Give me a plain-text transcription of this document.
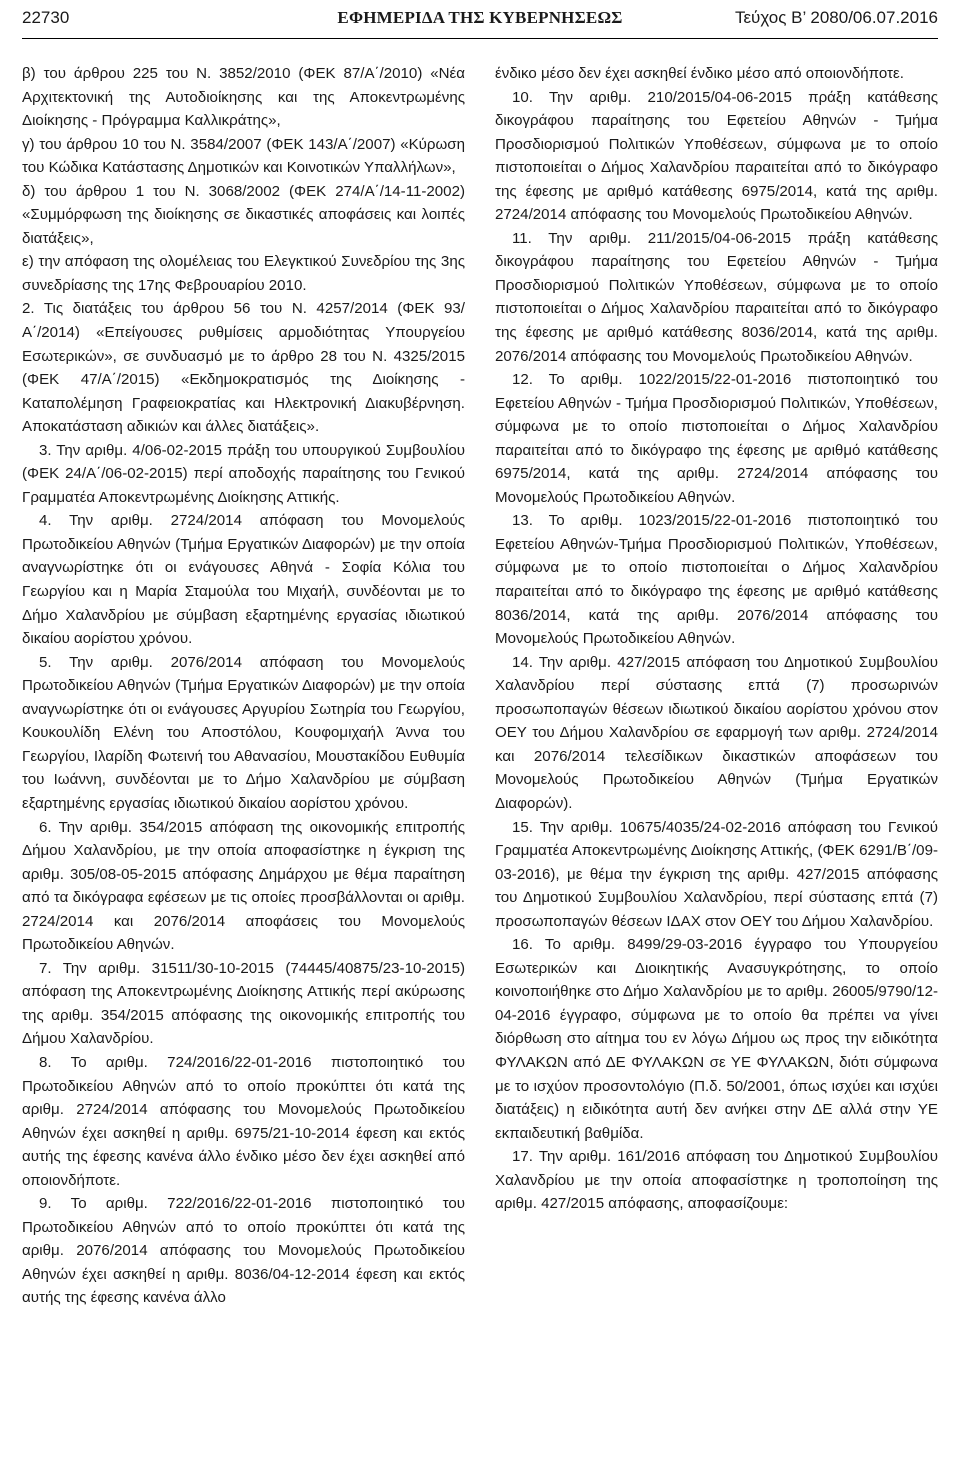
22730	ΕΦΗΜΕΡΙΔΑ ΤΗΣ ΚΥΒΕΡΝΗΣΕΩΣ	Τεύχος Β’ 2080/06.07.2016

β) του άρθρου 225 του Ν. 3852/2010 (ΦΕΚ 87/Α΄/2010) «Νέα Αρχιτεκτονική της Αυτοδιοίκησης και της Αποκεντρωμένης Διοίκησης - Πρόγραμμα Καλλικράτης»,

γ) του άρθρου 10 του Ν. 3584/2007 (ΦΕΚ 143/Α΄/2007) «Κύρωση του Κώδικα Κατάστασης Δημοτικών και Κοινοτικών Υπαλλήλων»,

δ) του άρθρου 1 του Ν. 3068/2002 (ΦΕΚ 274/Α΄/14-11-2002) «Συμμόρφωση της διοίκησης σε δικαστικές αποφάσεις και λοιπές διατάξεις»,

ε) την απόφαση της ολομέλειας του Ελεγκτικού Συνεδρίου της 3ης συνεδρίασης της 17ης Φεβρουαρίου 2010.

2. Τις διατάξεις του άρθρου 56 του Ν. 4257/2014 (ΦΕΚ 93/Α΄/2014) «Επείγουσες ρυθμίσεις αρμοδιότητας Υπουργείου Εσωτερικών», σε συνδυασμό με το άρθρο 28 του Ν. 4325/2015 (ΦΕΚ 47/Α΄/2015) «Εκδημοκρατισμός της Διοίκησης - Καταπολέμηση Γραφειοκρατίας και Ηλεκτρονική Διακυβέρνηση. Αποκατάσταση αδικιών και άλλες διατάξεις».

3. Την αριθμ. 4/06-02-2015 πράξη του υπουργικού Συμβουλίου (ΦΕΚ 24/Α΄/06-02-2015) περί αποδοχής παραίτησης του Γενικού Γραμματέα Αποκεντρωμένης Διοίκησης Αττικής.

4. Την αριθμ. 2724/2014 απόφαση του Μονομελούς Πρωτοδικείου Αθηνών (Τμήμα Εργατικών Διαφορών) με την οποία αναγνωρίστηκε ότι οι ενάγουσες Αθηνά - Σοφία Κόλια του Γεωργίου και η Μαρία Σταμούλα του Μιχαήλ, συνδέονται με το Δήμο Χαλανδρίου με σύμβαση εξαρτημένης εργασίας ιδιωτικού δικαίου αορίστου χρόνου.

5. Την αριθμ. 2076/2014 απόφαση του Μονομελούς Πρωτοδικείου Αθηνών (Τμήμα Εργατικών Διαφορών) με την οποία αναγνωρίστηκε ότι οι ενάγουσες Αργυρίου Σωτηρία του Γεωργίου, Κουκουλίδη Ελένη του Αποστόλου, Κουφομιχαήλ Άννα του Γεωργίου, Ιλαρίδη Φωτεινή του Αθανασίου, Μουστακίδου Ευθυμία του Ιωάννη, συνδέονται με το Δήμο Χαλανδρίου με σύμβαση εξαρτημένης εργασίας ιδιωτικού δικαίου αορίστου χρόνου.

6. Την αριθμ. 354/2015 απόφαση της οικονομικής επιτροπής Δήμου Χαλανδρίου, με την οποία αποφασίστηκε η έγκριση της αριθμ. 305/08-05-2015 απόφασης Δημάρχου με θέμα παραίτηση από τα δικόγραφα εφέσεων με τις οποίες προσβάλλονται οι αριθμ. 2724/2014 και 2076/2014 αποφάσεις του Μονομελούς Πρωτοδικείου Αθηνών.

7. Την αριθμ. 31511/30-10-2015 (74445/40875/23-10-2015) απόφαση της Αποκεντρωμένης Διοίκησης Αττικής περί ακύρωσης της αριθμ. 354/2015 απόφασης της οικονομικής επιτροπής του Δήμου Χαλανδρίου.

8. Το αριθμ. 724/2016/22-01-2016 πιστοποιητικό του Πρωτοδικείου Αθηνών από το οποίο προκύπτει ότι κατά της αριθμ. 2724/2014 απόφασης του Μονομελούς Πρωτοδικείου Αθηνών έχει ασκηθεί η αριθμ. 6975/21-10-2014 έφεση και εκτός αυτής της έφεσης κανένα άλλο ένδικο μέσο δεν έχει ασκηθεί από οποιονδήποτε.

9. Το αριθμ. 722/2016/22-01-2016 πιστοποιητικό του Πρωτοδικείου Αθηνών από το οποίο προκύπτει ότι κατά της αριθμ. 2076/2014 απόφασης του Μονομελούς Πρωτοδικείου Αθηνών έχει ασκηθεί η αριθμ. 8036/04-12-2014 έφεση και εκτός αυτής της έφεσης κανένα άλλο

ένδικο μέσο δεν έχει ασκηθεί ένδικο μέσο από οποιονδήποτε.

10. Την αριθμ. 210/2015/04-06-2015 πράξη κατάθεσης δικογράφου παραίτησης του Εφετείου Αθηνών - Τμήμα Προσδιορισμού Πολιτικών Υποθέσεων, σύμφωνα με το οποίο πιστοποιείται ο Δήμος Χαλανδρίου παραιτείται από το δικόγραφο της έφεσης με αριθμό κατάθεσης 6975/2014, κατά της αριθμ. 2724/2014 απόφασης του Μονομελούς Πρωτοδικείου Αθηνών.

11. Την αριθμ. 211/2015/04-06-2015 πράξη κατάθεσης δικογράφου παραίτησης του Εφετείου Αθηνών - Τμήμα Προσδιορισμού Πολιτικών Υποθέσεων, σύμφωνα με το οποίο πιστοποιείται ο Δήμος Χαλανδρίου παραιτείται από το δικόγραφο της έφεσης με αριθμό κατάθεσης 8036/2014, κατά της αριθμ. 2076/2014 απόφασης του Μονομελούς Πρωτοδικείου Αθηνών.

12. Το αριθμ. 1022/2015/22-01-2016 πιστοποιητικό του Εφετείου Αθηνών - Τμήμα Προσδιορισμού Πολιτικών, Υποθέσεων, σύμφωνα με το οποίο πιστοποιείται ο Δήμος Χαλανδρίου παραιτείται από το δικόγραφο της έφεσης με αριθμό κατάθεσης 6975/2014, κατά της αριθμ. 2724/2014 απόφασης του Μονομελούς Πρωτοδικείου Αθηνών.

13. Το αριθμ. 1023/2015/22-01-2016 πιστοποιητικό του Εφετείου Αθηνών-Τμήμα Προσδιορισμού Πολιτικών, Υποθέσεων, σύμφωνα με το οποίο πιστοποιείται ο Δήμος Χαλανδρίου παραιτείται από το δικόγραφο της έφεσης με αριθμό κατάθεσης 8036/2014, κατά της αριθμ. 2076/2014 απόφασης του Μονομελούς Πρωτοδικείου Αθηνών.

14. Την αριθμ. 427/2015 απόφαση του Δημοτικού Συμβουλίου Χαλανδρίου περί σύστασης επτά (7) προσωρινών προσωποπαγών θέσεων ιδιωτικού δικαίου αορίστου χρόνου στον ΟΕΥ του Δήμου Χαλανδρίου σε εφαρμογή των αριθμ. 2724/2014 και 2076/2014 τελεσίδικων δικαστικών αποφάσεων του Μονομελούς Πρωτοδικείου Αθηνών (Τμήμα Εργατικών Διαφορών).

15. Την αριθμ. 10675/4035/24-02-2016 απόφαση του Γενικού Γραμματέα Αποκεντρωμένης Διοίκησης Αττικής, (ΦΕΚ 6291/Β΄/09-03-2016), με θέμα την έγκριση της αριθμ. 427/2015 απόφασης του Δημοτικού Συμβουλίου Χαλανδρίου, περί σύστασης επτά (7) προσωποπαγών θέσεων ΙΔΑΧ στον ΟΕΥ του Δήμου Χαλανδρίου.

16. Το αριθμ. 8499/29-03-2016 έγγραφο του Υπουργείου Εσωτερικών και Διοικητικής Ανασυγκρότησης, το οποίο κοινοποιήθηκε στο Δήμο Χαλανδρίου με το αριθμ. 26005/9790/12-04-2016 έγγραφο, σύμφωνα με το οποίο θα πρέπει να γίνει διόρθωση στο αίτημα του εν λόγω Δήμου ως προς την ειδικότητα ΦΥΛΑΚΩΝ από ΔΕ ΦΥΛΑΚΩΝ σε ΥΕ ΦΥΛΑΚΩΝ, διότι σύμφωνα με το ισχύον προσοντολόγιο (Π.δ. 50/2001, όπως ισχύει και ισχύει διατάξεις) η ειδικότητα αυτή δεν ανήκει στην ΔΕ αλλά στην ΥΕ εκπαιδευτική βαθμίδα.

17. Την αριθμ. 161/2016 απόφαση του Δημοτικού Συμβουλίου Χαλανδρίου με την οποία αποφασίστηκε η τροποποίηση της αριθμ. 427/2015 απόφασης, αποφασίζουμε:
